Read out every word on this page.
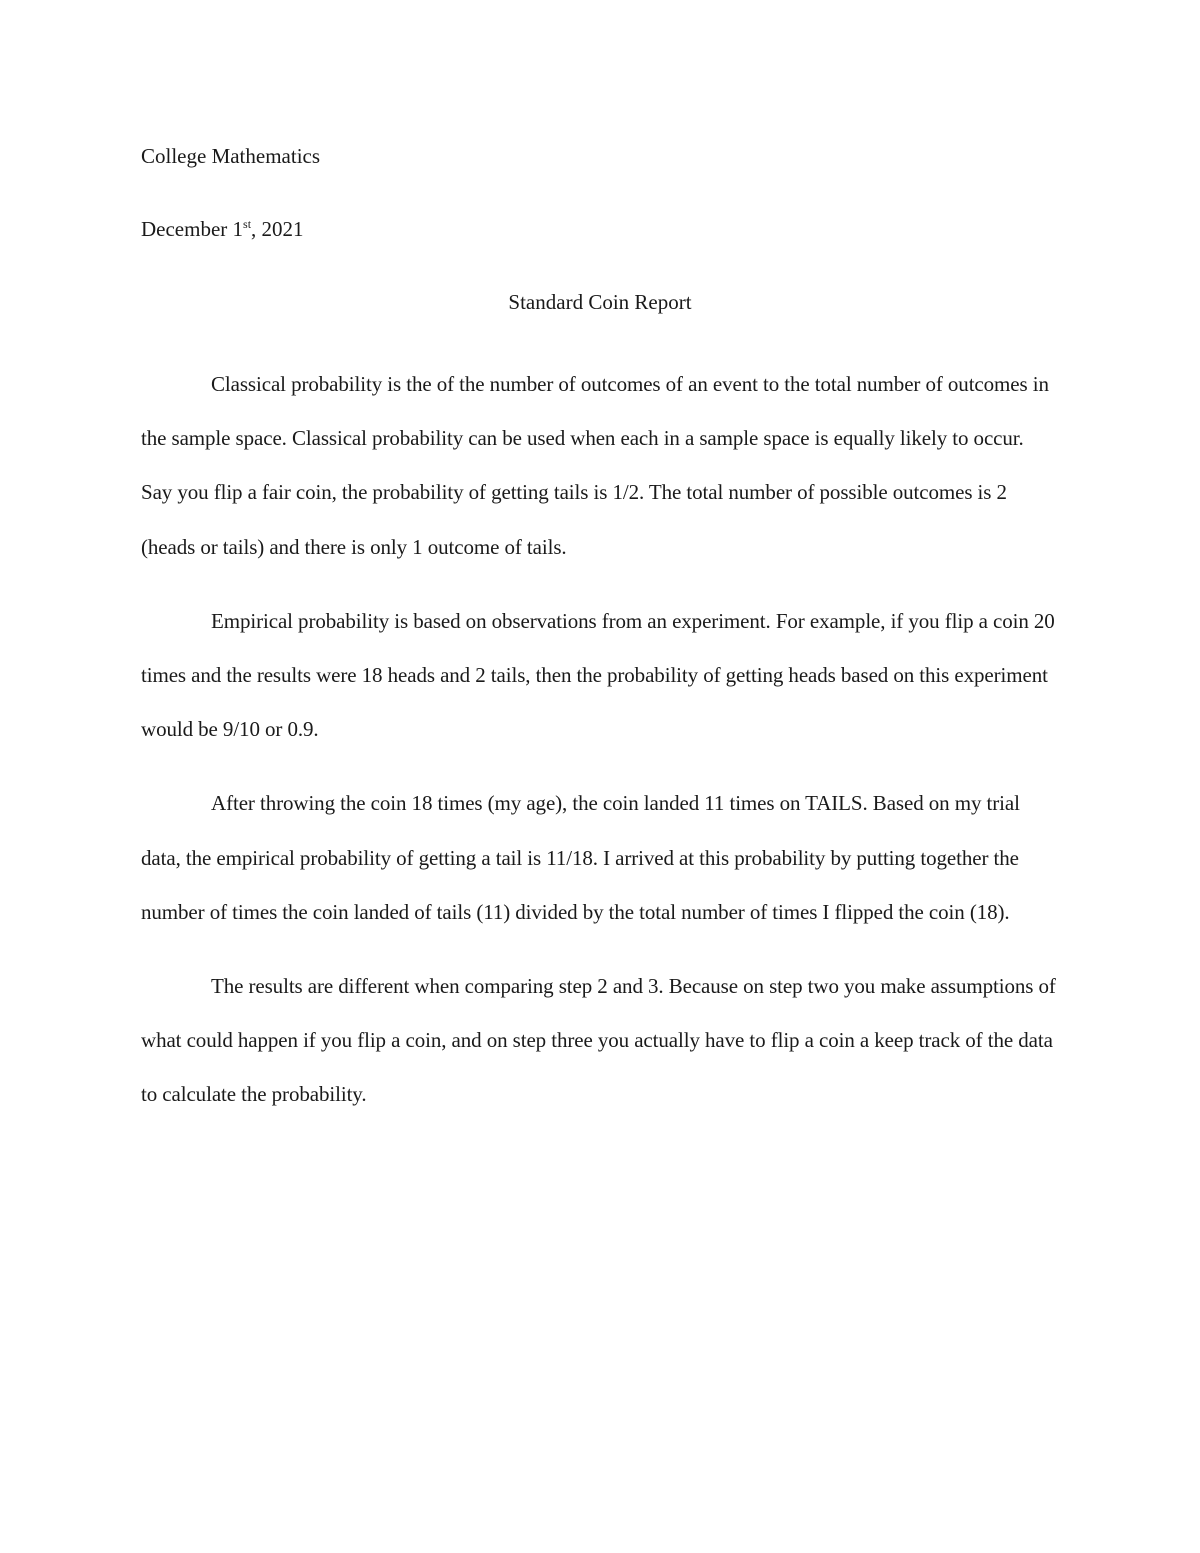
College Mathematics

December 1st, 2021

Standard Coin Report

Classical probability is the of the number of outcomes of an event to the total number of outcomes in the sample space. Classical probability can be used when each in a sample space is equally likely to occur. Say you flip a fair coin, the probability of getting tails is 1/2. The total number of possible outcomes is 2 (heads or tails) and there is only 1 outcome of tails.

Empirical probability is based on observations from an experiment. For example, if you flip a coin 20 times and the results were 18 heads and 2 tails, then the probability of getting heads based on this experiment would be 9/10 or 0.9.

After throwing the coin 18 times (my age), the coin landed 11 times on TAILS. Based on my trial data, the empirical probability of getting a tail is 11/18. I arrived at this probability by putting together the number of times the coin landed of tails (11) divided by the total number of times I flipped the coin (18).

The results are different when comparing step 2 and 3. Because on step two you make assumptions of what could happen if you flip a coin, and on step three you actually have to flip a coin a keep track of the data to calculate the probability.
